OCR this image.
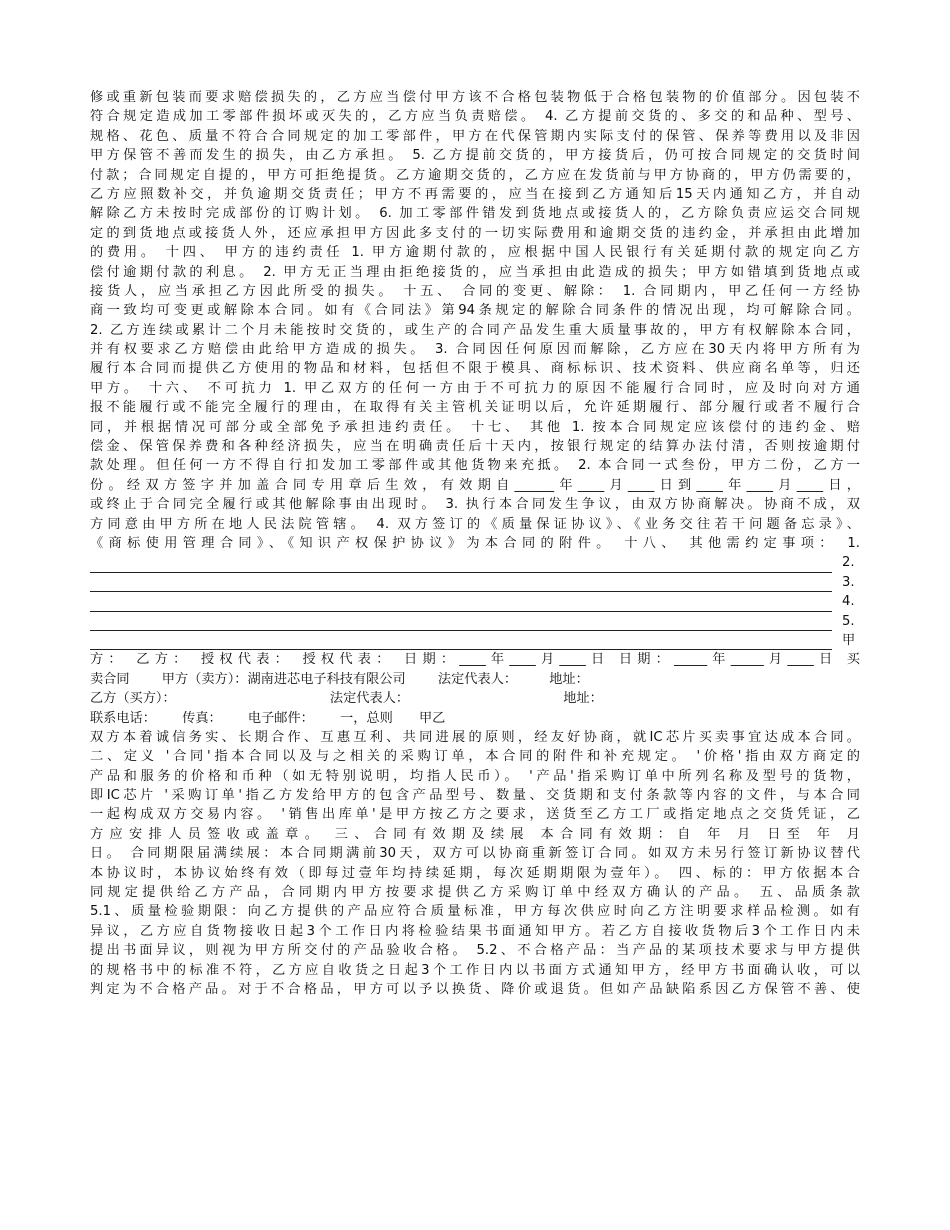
修或重新包装而要求赔偿损失的，乙方应当偿付甲方该不合格包装物低于合格包装物的价值部分。因包装不
符合规定造成加工零部件损坏或灭失的，乙方应当负责赔偿。 4. 乙方提前交货的、多交的和品种、型号、
规格、花色、质量不符合合同规定的加工零部件，甲方在代保管期内实际支付的保管、保养等费用以及非因
甲方保管不善而发生的损失，由乙方承担。 5. 乙方提前交货的，甲方接货后，仍可按合同规定的交货时间
付款；合同规定自提的，甲方可拒绝提货。乙方逾期交货的，乙方应在发货前与甲方协商的，甲方仍需要的，
乙方应照数补交，并负逾期交货责任；甲方不再需要的，应当在接到乙方通知后15天内通知乙方，并自动
解除乙方未按时完成部份的订购计划。 6. 加工零部件错发到货地点或接货人的，乙方除负责应运交合同规
定的到货地点或接货人外，还应承担甲方因此多支付的一切实际费用和逾期交货的违约金，并承担由此增加
的费用。 十四、 甲方的违约责任 1. 甲方逾期付款的，应根据中国人民银行有关延期付款的规定向乙方
偿付逾期付款的利息。 2. 甲方无正当理由拒绝接货的，应当承担由此造成的损失；甲方如错填到货地点或
接货人，应当承担乙方因此所受的损失。 十五、 合同的变更、解除： 1. 合同期内，甲乙任何一方经协
商一致均可变更或解除本合同。如有《合同法》第94条规定的解除合同条件的情况出现，均可解除合同。
2. 乙方连续或累计二个月未能按时交货的，或生产的合同产品发生重大质量事故的，甲方有权解除本合同，
并有权要求乙方赔偿由此给甲方造成的损失。 3. 合同因任何原因而解除，乙方应在30天内将甲方所有为
履行本合同而提供乙方使用的物品和材料，包括但不限于模具、商标标识、技术资料、供应商名单等，归还
甲方。 十六、 不可抗力 1. 甲乙双方的任何一方由于不可抗力的原因不能履行合同时，应及时向对方通
报不能履行或不能完全履行的理由，在取得有关主管机关证明以后，允许延期履行、部分履行或者不履行合
同，并根据情况可部分或全部免予承担违约责任。 十七、 其他 1. 按本合同规定应该偿付的违约金、赔
偿金、保管保养费和各种经济损失，应当在明确责任后十天内，按银行规定的结算办法付清，否则按逾期付
款处理。但任何一方不得自行扣发加工零部件或其他货物来充抵。 2. 本合同一式叁份，甲方二份，乙方一
份。经双方签字并加盖合同专用章后生效，有效期自______年____月____日到____年____月____日，
或终止于合同完全履行或其他解除事由出现时。 3. 执行本合同发生争议，由双方协商解决。协商不成，双
方同意由甲方所在地人民法院管辖。 4. 双方签订的《质量保证协议》、《业务交往若干问题备忘录》、
《商标使用管理合同》、《知识产权保护协议》为本合同的附件。 十八、 其他需约定事项： 1.
2.
3.
4.
5.
甲
方： 乙方： 授权代表： 授权代表： 日期：____年____月____日 日期：_____年_____月____日 买
卖合同 甲方（卖方）：湖南进芯电子科技有限公司 法定代表人： 地址：
乙方（买方）： 法定代表人： 地址：
联系电话： 传真： 电子邮件： 一，总则 甲乙
双方本着诚信务实、长期合作、互惠互利、共同进展的原则，经友好协商，就IC芯片买卖事宜达成本合同。
二、定义 '合同'指本合同以及与之相关的采购订单，本合同的附件和补充规定。 '价格'指由双方商定的
产品和服务的价格和币种（如无特别说明，均指人民币）。 '产品'指采购订单中所列名称及型号的货物，
即IC芯片 '采购订单'指乙方发给甲方的包含产品型号、数量、交货期和支付条款等内容的文件，与本合同
一起构成双方交易内容。 '销售出库单'是甲方按乙方之要求，送货至乙方工厂或指定地点之交货凭证，乙
方应安排人员签收或盖章。 三、合同有效期及续展 本合同有效期：自 年 月 日至 年 月
日。 合同期限届满续展：本合同期满前30天，双方可以协商重新签订合同。如双方未另行签订新协议替代
本协议时，本协议始终有效（即每过壹年均持续延期，每次延期期限为壹年）。 四、标的：甲方依据本合
同规定提供给乙方产品，合同期内甲方按要求提供乙方采购订单中经双方确认的产品。 五、品质条款
5.1、质量检验期限：向乙方提供的产品应符合质量标准，甲方每次供应时向乙方注明要求样品检测。如有
异议，乙方应自货物接收日起3个工作日内将检验结果书面通知甲方。若乙方自接收货物后3个工作日内未
提出书面异议，则视为甲方所交付的产品验收合格。 5.2、不合格产品：当产品的某项技术要求与甲方提供
的规格书中的标准不符，乙方应自收货之日起3个工作日内以书面方式通知甲方，经甲方书面确认收，可以
判定为不合格产品。对于不合格品，甲方可以予以换货、降价或退货。但如产品缺陷系因乙方保管不善、使
